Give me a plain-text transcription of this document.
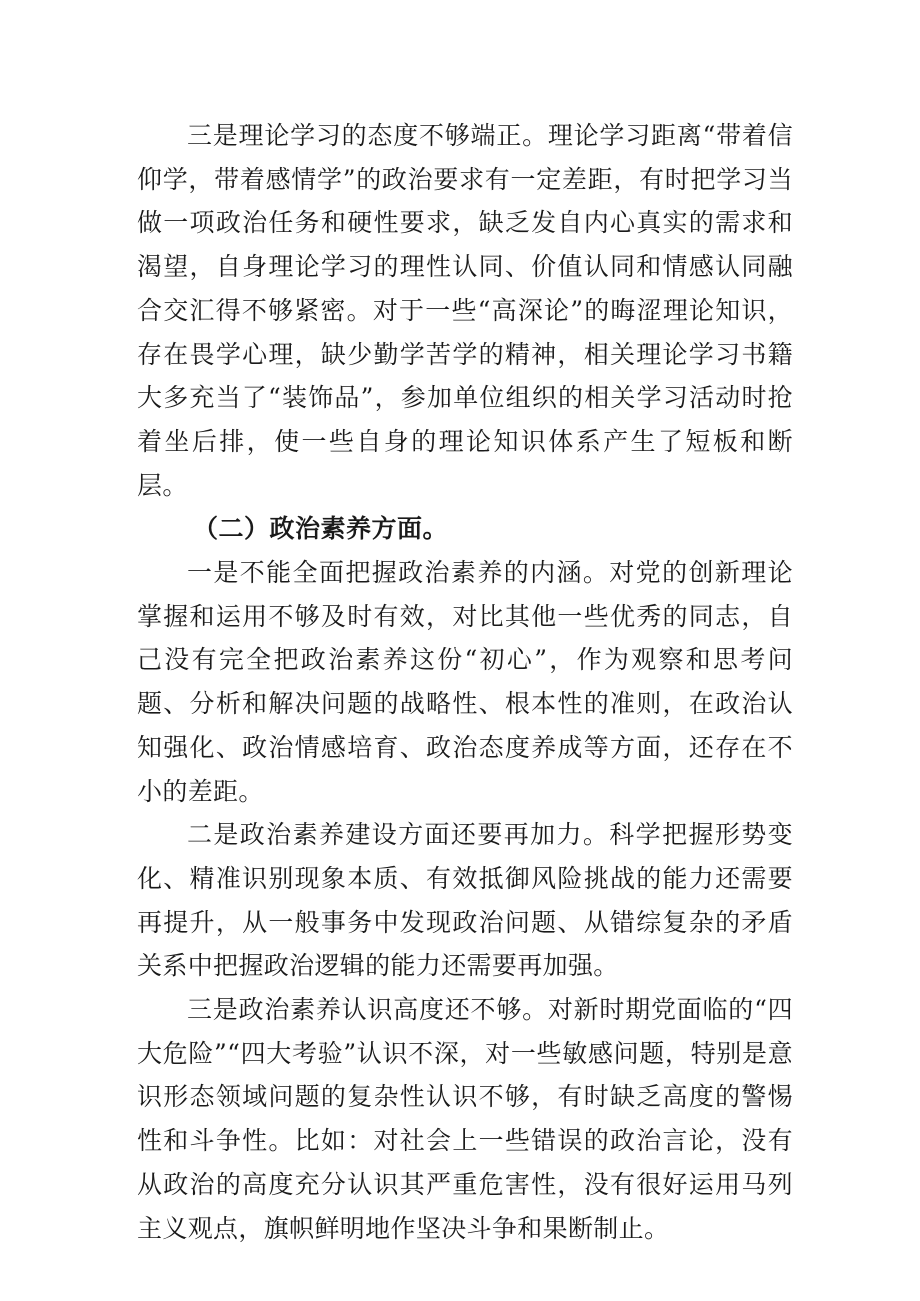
三是理论学习的态度不够端正。理论学习距离“带着信仰学，带着感情学”的政治要求有一定差距，有时把学习当做一项政治任务和硬性要求，缺乏发自内心真实的需求和渴望，自身理论学习的理性认同、价值认同和情感认同融合交汇得不够紧密。对于一些“高深论”的晦涩理论知识，存在畏学心理，缺少勤学苦学的精神，相关理论学习书籍大多充当了“装饰品”，参加单位组织的相关学习活动时抢着坐后排，使一些自身的理论知识体系产生了短板和断层。

（二）政治素养方面。

一是不能全面把握政治素养的内涵。对党的创新理论掌握和运用不够及时有效，对比其他一些优秀的同志，自己没有完全把政治素养这份“初心”，作为观察和思考问题、分析和解决问题的战略性、根本性的准则，在政治认知强化、政治情感培育、政治态度养成等方面，还存在不小的差距。

二是政治素养建设方面还要再加力。科学把握形势变化、精准识别现象本质、有效抵御风险挑战的能力还需要再提升，从一般事务中发现政治问题、从错综复杂的矛盾关系中把握政治逻辑的能力还需要再加强。

三是政治素养认识高度还不够。对新时期党面临的“四大危险”“四大考验”认识不深，对一些敏感问题，特别是意识形态领域问题的复杂性认识不够，有时缺乏高度的警惕性和斗争性。比如：对社会上一些错误的政治言论，没有从政治的高度充分认识其严重危害性，没有很好运用马列主义观点，旗帜鲜明地作坚决斗争和果断制止。
